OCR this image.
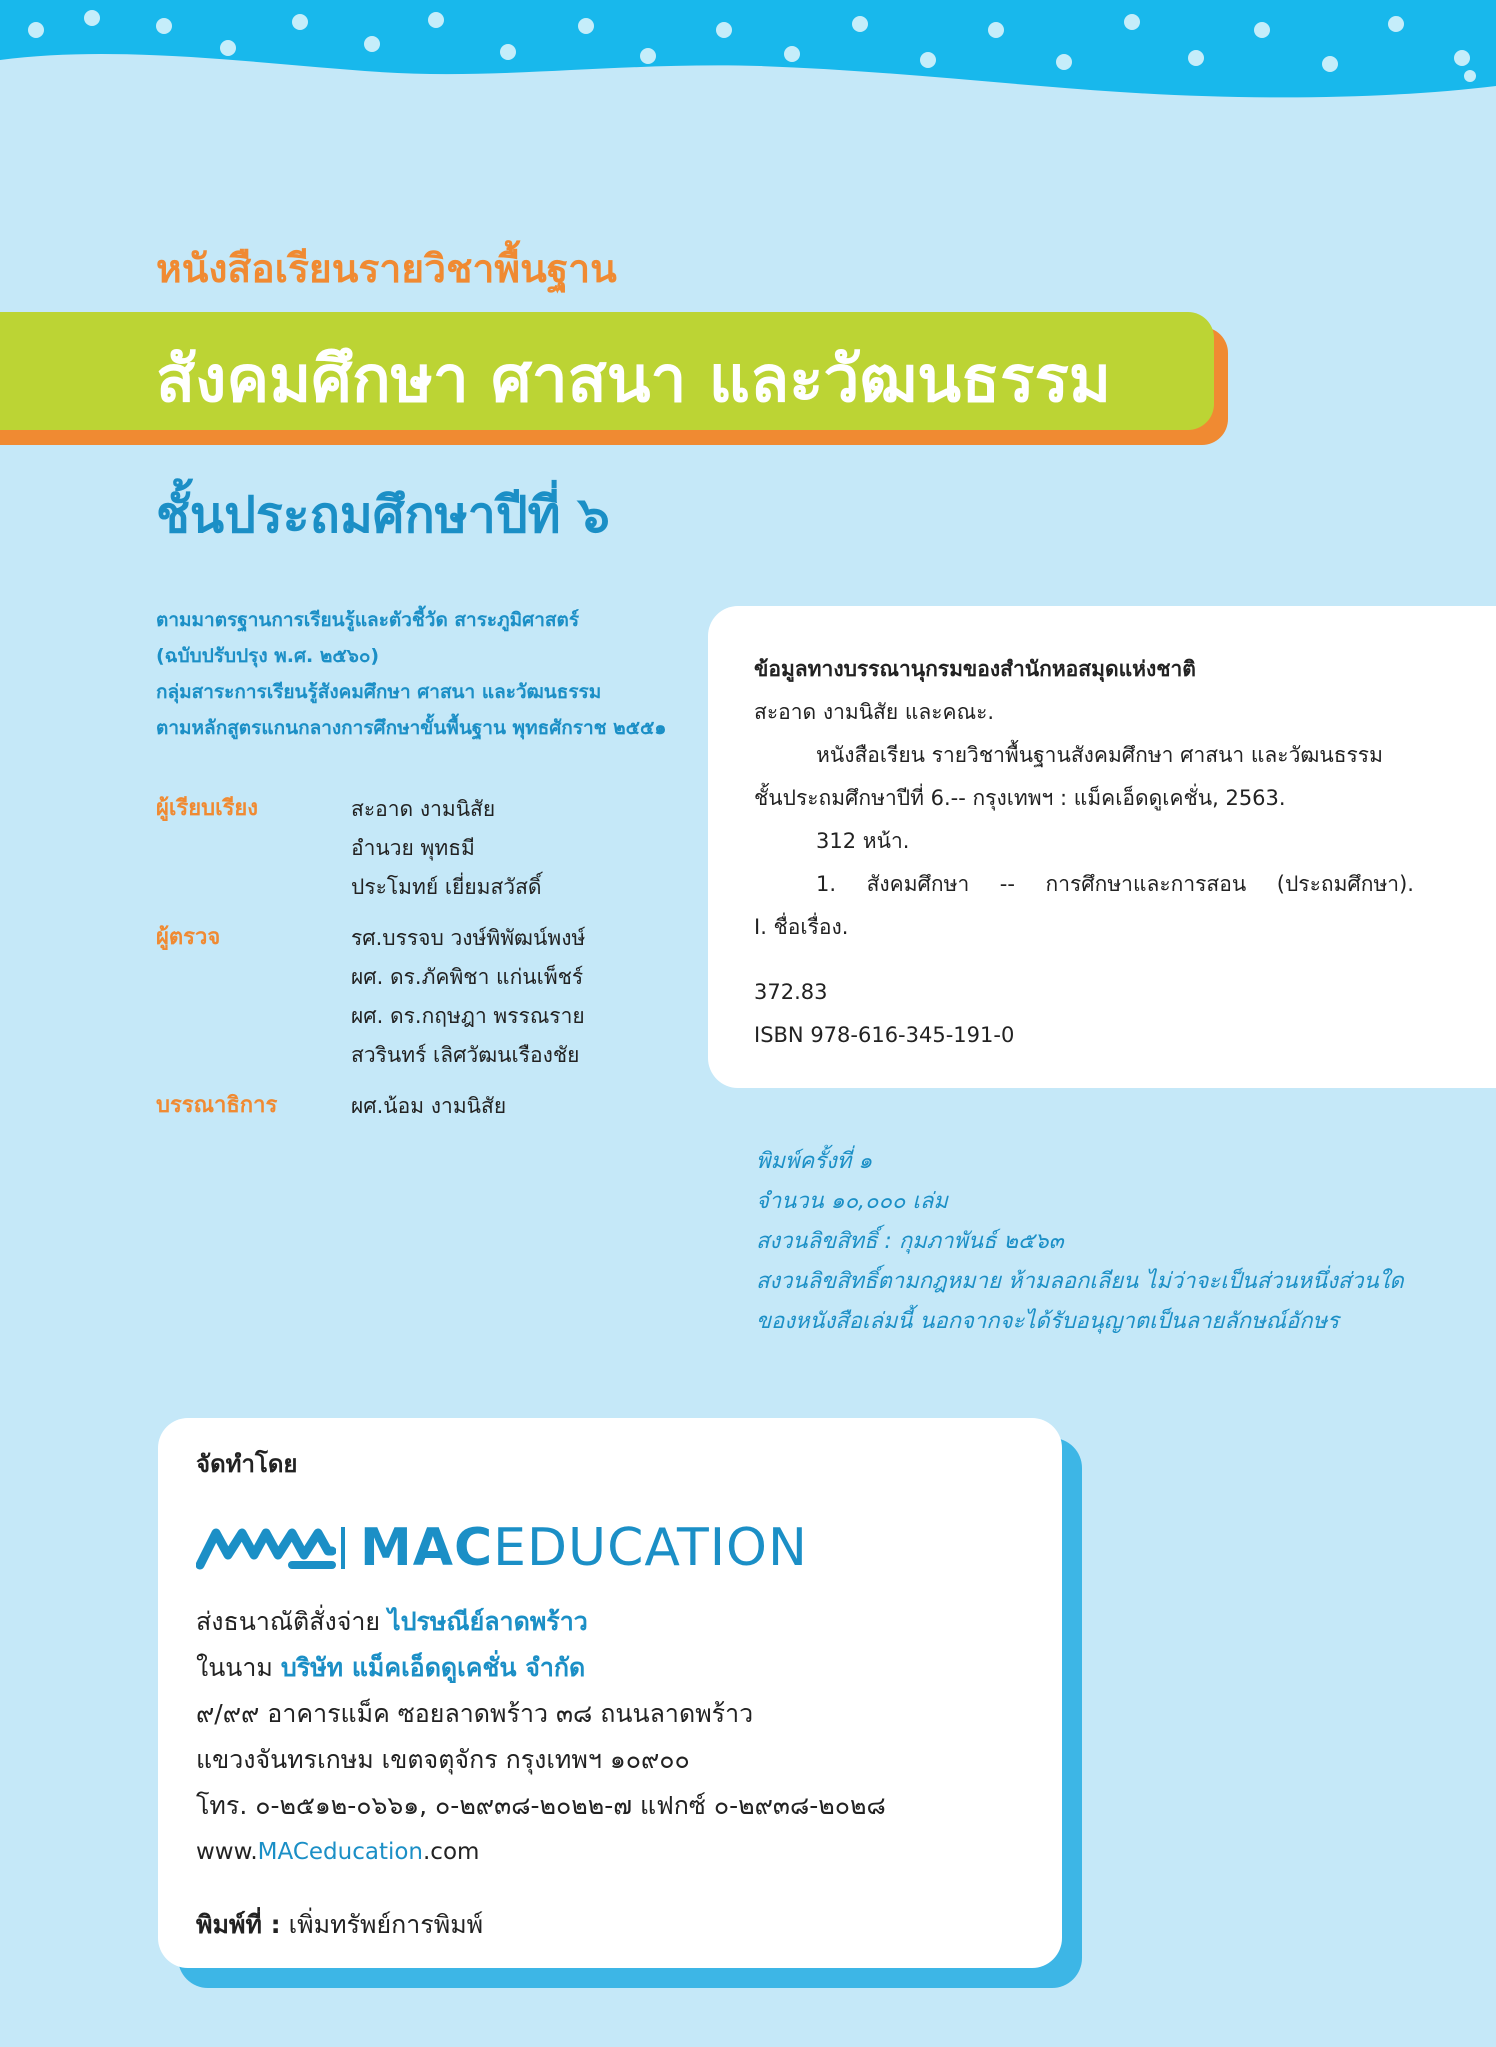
หนังสือเรียนรายวิชาพื้นฐาน
สังคมศึกษา ศาสนา และวัฒนธรรม
ชั้นประถมศึกษาปีที่ ๖
ตามมาตรฐานการเรียนรู้และตัวชี้วัด สาระภูมิศาสตร์
(ฉบับปรับปรุง พ.ศ. ๒๕๖๐)
กลุ่มสาระการเรียนรู้สังคมศึกษา ศาสนา และวัฒนธรรม
ตามหลักสูตรแกนกลางการศึกษาขั้นพื้นฐาน พุทธศักราช ๒๕๕๑
ผู้เรียบเรียง	สะอาด งามนิสัย
อำนวย พุทธมี
ประโมทย์ เยี่ยมสวัสดิ์
ผู้ตรวจ	รศ.บรรจบ วงษ์พิพัฒน์พงษ์
ผศ. ดร.ภัคพิชา แก่นเพ็ชร์
ผศ. ดร.กฤษฎา พรรณราย
สวรินทร์ เลิศวัฒนเรืองชัย
บรรณาธิการ	ผศ.น้อม งามนิสัย
ข้อมูลทางบรรณานุกรมของสำนักหอสมุดแห่งชาติ
สะอาด งามนิสัย และคณะ.
หนังสือเรียน รายวิชาพื้นฐานสังคมศึกษา ศาสนา และวัฒนธรรม
ชั้นประถมศึกษาปีที่ 6.-- กรุงเทพฯ : แม็คเอ็ดดูเคชั่น, 2563.
312 หน้า.
1. สังคมศึกษา -- การศึกษาและการสอน (ประถมศึกษา).
I. ชื่อเรื่อง.
372.83
ISBN 978-616-345-191-0
พิมพ์ครั้งที่ ๑
จำนวน ๑๐,๐๐๐ เล่ม
สงวนลิขสิทธิ์ : กุมภาพันธ์ ๒๕๖๓
สงวนลิขสิทธิ์ตามกฎหมาย ห้ามลอกเลียน ไม่ว่าจะเป็นส่วนหนึ่งส่วนใด
ของหนังสือเล่มนี้ นอกจากจะได้รับอนุญาตเป็นลายลักษณ์อักษร
จัดทำโดย
MACEDUCATION
ส่งธนาณัติสั่งจ่าย ไปรษณีย์ลาดพร้าว
ในนาม บริษัท แม็คเอ็ดดูเคชั่น จำกัด
๙/๙๙ อาคารแม็ค ซอยลาดพร้าว ๓๘ ถนนลาดพร้าว
แขวงจันทรเกษม เขตจตุจักร กรุงเทพฯ ๑๐๙๐๐
โทร. ๐-๒๕๑๒-๐๖๖๑, ๐-๒๙๓๘-๒๐๒๒-๗ แฟกซ์ ๐-๒๙๓๘-๒๐๒๘
www.MACeducation.com
พิมพ์ที่ : เพิ่มทรัพย์การพิมพ์
